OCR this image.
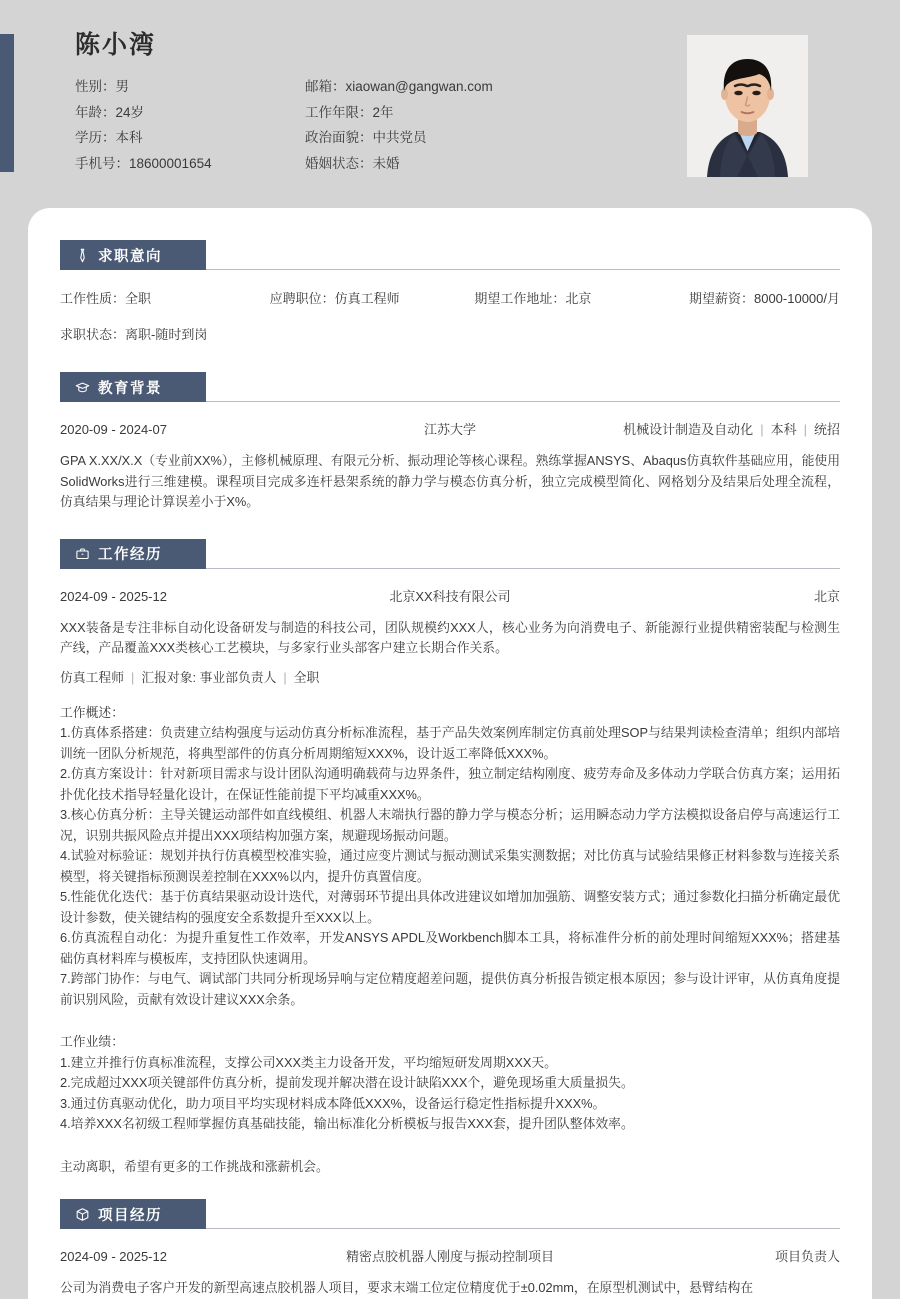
陈小湾
性别：男	邮箱：xiaowan@gangwan.com
年龄：24岁	工作年限：2年
学历：本科	政治面貌：中共党员
手机号：18600001654	婚姻状态：未婚
求职意向
工作性质：全职	应聘职位：仿真工程师	期望工作地址：北京	期望薪资：8000-10000/月
求职状态：离职-随时到岗
教育背景
2020-09 - 2024-07	江苏大学	机械设计制造及自动化 | 本科 | 统招
GPA X.XX/X.X（专业前XX%），主修机械原理、有限元分析、振动理论等核心课程。熟练掌握ANSYS、Abaqus仿真软件基础应用，能使用SolidWorks进行三维建模。课程项目完成多连杆悬架系统的静力学与模态仿真分析，独立完成模型简化、网格划分及结果后处理全流程，仿真结果与理论计算误差小于X%。
工作经历
2024-09 - 2025-12	北京XX科技有限公司	北京
XXX装备是专注非标自动化设备研发与制造的科技公司，团队规模约XXX人，核心业务为向消费电子、新能源行业提供精密装配与检测生产线，产品覆盖XXX类核心工艺模块，与多家行业头部客户建立长期合作关系。
仿真工程师 | 汇报对象: 事业部负责人 | 全职
工作概述：
1.仿真体系搭建：负责建立结构强度与运动仿真分析标准流程，基于产品失效案例库制定仿真前处理SOP与结果判读检查清单；组织内部培训统一团队分析规范，将典型部件的仿真分析周期缩短XXX%，设计返工率降低XXX%。
2.仿真方案设计：针对新项目需求与设计团队沟通明确载荷与边界条件，独立制定结构刚度、疲劳寿命及多体动力学联合仿真方案；运用拓扑优化技术指导轻量化设计，在保证性能前提下平均减重XXX%。
3.核心仿真分析：主导关键运动部件如直线模组、机器人末端执行器的静力学与模态分析；运用瞬态动力学方法模拟设备启停与高速运行工况，识别共振风险点并提出XXX项结构加强方案，规避现场振动问题。
4.试验对标验证：规划并执行仿真模型校准实验，通过应变片测试与振动测试采集实测数据；对比仿真与试验结果修正材料参数与连接关系模型，将关键指标预测误差控制在XXX%以内，提升仿真置信度。
5.性能优化迭代：基于仿真结果驱动设计迭代，对薄弱环节提出具体改进建议如增加加强筋、调整安装方式；通过参数化扫描分析确定最优设计参数，使关键结构的强度安全系数提升至XXX以上。
6.仿真流程自动化：为提升重复性工作效率，开发ANSYS APDL及Workbench脚本工具，将标准件分析的前处理时间缩短XXX%；搭建基础仿真材料库与模板库，支持团队快速调用。
7.跨部门协作：与电气、调试部门共同分析现场异响与定位精度超差问题，提供仿真分析报告锁定根本原因；参与设计评审，从仿真角度提前识别风险，贡献有效设计建议XXX余条。
工作业绩：
1.建立并推行仿真标准流程，支撑公司XXX类主力设备开发，平均缩短研发周期XXX天。
2.完成超过XXX项关键部件仿真分析，提前发现并解决潜在设计缺陷XXX个，避免现场重大质量损失。
3.通过仿真驱动优化，助力项目平均实现材料成本降低XXX%，设备运行稳定性指标提升XXX%。
4.培养XXX名初级工程师掌握仿真基础技能，输出标准化分析模板与报告XXX套，提升团队整体效率。
主动离职，希望有更多的工作挑战和涨薪机会。
项目经历
2024-09 - 2025-12	精密点胶机器人刚度与振动控制项目	项目负责人
公司为消费电子客户开发的新型高速点胶机器人项目，要求末端工位定位精度优于±0.02mm，在原型机测试中，悬臂结构在
